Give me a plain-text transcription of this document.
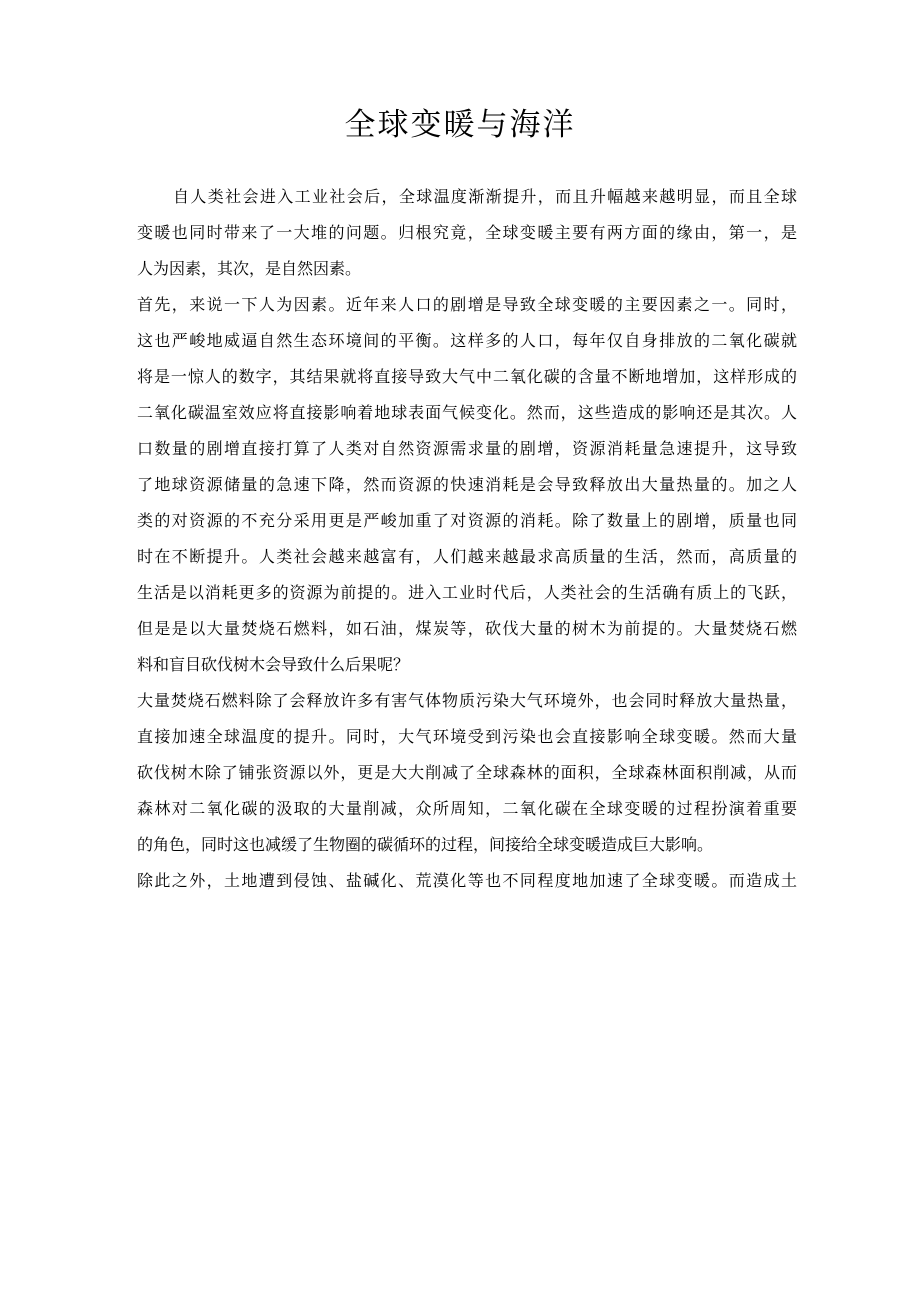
全球变暖与海洋
自人类社会进入工业社会后，全球温度渐渐提升，而且升幅越来越明显，而且全球
变暖也同时带来了一大堆的问题。归根究竟，全球变暖主要有两方面的缘由，第一，是
人为因素，其次，是自然因素。
首先，来说一下人为因素。近年来人口的剧增是导致全球变暖的主要因素之一。同时，
这也严峻地威逼自然生态环境间的平衡。这样多的人口，每年仅自身排放的二氧化碳就
将是一惊人的数字，其结果就将直接导致大气中二氧化碳的含量不断地增加，这样形成的
二氧化碳温室效应将直接影响着地球表面气候变化。然而，这些造成的影响还是其次。人
口数量的剧增直接打算了人类对自然资源需求量的剧增，资源消耗量急速提升，这导致
了地球资源储量的急速下降，然而资源的快速消耗是会导致释放出大量热量的。加之人
类的对资源的不充分采用更是严峻加重了对资源的消耗。除了数量上的剧增，质量也同
时在不断提升。人类社会越来越富有，人们越来越最求高质量的生活，然而，高质量的
生活是以消耗更多的资源为前提的。进入工业时代后，人类社会的生活确有质上的飞跃，
但是是以大量焚烧石燃料，如石油，煤炭等，砍伐大量的树木为前提的。大量焚烧石燃
料和盲目砍伐树木会导致什么后果呢？
大量焚烧石燃料除了会释放许多有害气体物质污染大气环境外，也会同时释放大量热量，
直接加速全球温度的提升。同时，大气环境受到污染也会直接影响全球变暖。然而大量
砍伐树木除了铺张资源以外，更是大大削减了全球森林的面积，全球森林面积削减，从而
森林对二氧化碳的汲取的大量削减，众所周知，二氧化碳在全球变暖的过程扮演着重要
的角色，同时这也减缓了生物圈的碳循环的过程，间接给全球变暖造成巨大影响。
除此之外，土地遭到侵蚀、盐碱化、荒漠化等也不同程度地加速了全球变暖。而造成土
